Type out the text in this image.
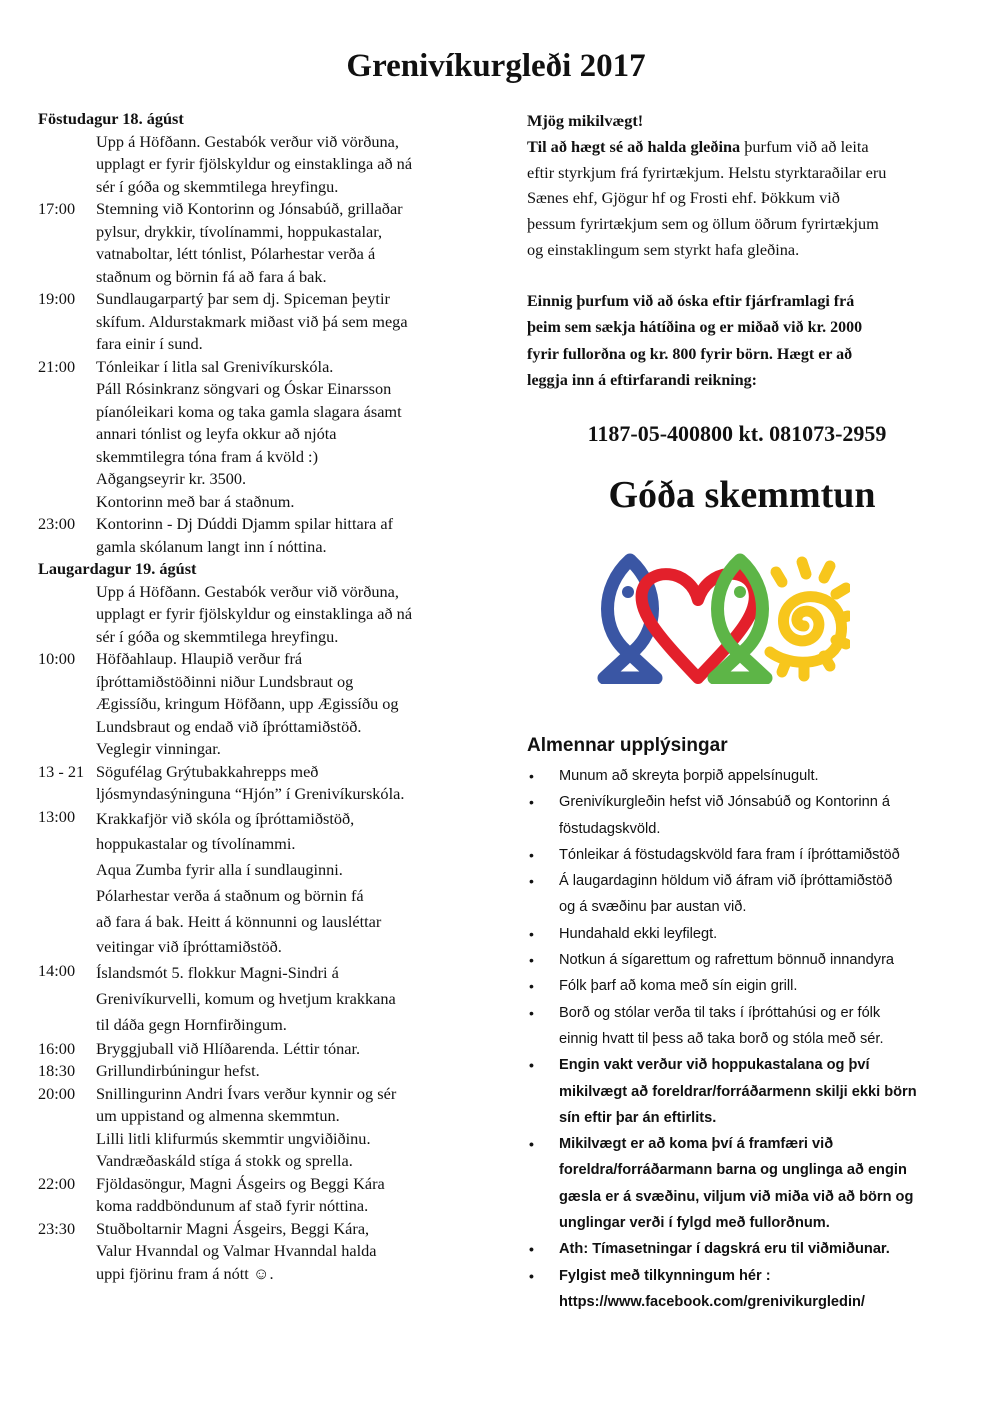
Grenivíkurgleði 2017
Föstudagur 18. ágúst
Upp á Höfðann. Gestabók verður við vörðuna,
upplagt er fyrir fjölskyldur og einstaklinga að ná
sér í góða og skemmtilega hreyfingu.
17:00	Stemning við Kontorinn og Jónsabúð, grillaðar
pylsur, drykkir, tívolínammi, hoppukastalar,
vatnaboltar, létt tónlist, Pólarhestar verða á
staðnum og börnin fá að fara á bak.
19:00	Sundlaugarpartý þar sem dj. Spiceman þeytir
skífum. Aldurstakmark miðast við þá sem mega
fara einir í sund.
21:00	Tónleikar í litla sal Grenivíkurskóla.
Páll Rósinkranz söngvari og Óskar Einarsson
píanóleikari koma og taka gamla slagara ásamt
annari tónlist og leyfa okkur að njóta
skemmtilegra tóna fram á kvöld :)
Aðgangseyrir kr. 3500.
Kontorinn með bar á staðnum.
23:00	Kontorinn - Dj Dúddi Djamm spilar hittara af
gamla skólanum langt inn í nóttina.
Laugardagur 19. ágúst
Upp á Höfðann. Gestabók verður við vörðuna,
upplagt er fyrir fjölskyldur og einstaklinga að ná
sér í góða og skemmtilega hreyfingu.
10:00	Höfðahlaup. Hlaupið verður frá
íþróttamiðstöðinni niður Lundsbraut og
Ægissíðu, kringum Höfðann, upp Ægissíðu og
Lundsbraut og endað við íþróttamiðstöð.
Veglegir vinningar.
13 - 21 Sögufélag Grýtubakkahrepps með
ljósmyndasýninguna “Hjón” í Grenivíkurskóla.
13:00	Krakkafjör við skóla og íþróttamiðstöð,
hoppukastalar og tívolínammi.
Aqua Zumba fyrir alla í sundlauginni.
Pólarhestar verða á staðnum og börnin fá
að fara á bak. Heitt á könnunni og lausléttar
veitingar við íþróttamiðstöð.
14:00	Íslandsmót 5. flokkur Magni-Sindri á
Grenivíkurvelli, komum og hvetjum krakkana
til dáða gegn Hornfirðingum.
16:00	Bryggjuball við Hlíðarenda. Léttir tónar.
18:30	Grillundirbúningur hefst.
20:00	Snillingurinn Andri Ívars verður kynnir og sér
um uppistand og almenna skemmtun.
Lilli litli klifurmús skemmtir ungviðiðinu.
Vandræðaskáld stíga á stokk og sprella.
22:00	Fjöldasöngur, Magni Ásgeirs og Beggi Kára
koma raddböndunum af stað fyrir nóttina.
23:30	Stuðboltarnir Magni Ásgeirs, Beggi Kára,
Valur Hvanndal og Valmar Hvanndal halda
uppi fjörinu fram á nótt ☺.
Mjög mikilvægt!
Til að hægt sé að halda gleðina þurfum við að leita
eftir styrkjum frá fyrirtækjum. Helstu styrktaraðilar eru
Sænes ehf, Gjögur hf og Frosti ehf. Þökkum við
þessum fyrirtækjum sem og öllum öðrum fyrirtækjum
og einstaklingum sem styrkt hafa gleðina.
Einnig þurfum við að óska eftir fjárframlagi frá
þeim sem sækja hátíðina og er miðað við kr. 2000
fyrir fullorðna og kr. 800 fyrir börn. Hægt er að
leggja inn á eftirfarandi reikning:
1187-05-400800 kt. 081073-2959
Góða skemmtun
Almennar upplýsingar
•	Munum að skreyta þorpið appelsínugult.
•	Grenivíkurgleðin hefst við Jónsabúð og Kontorinn á
föstudagskvöld.
•	Tónleikar á föstudagskvöld fara fram í íþróttamiðstöð
•	Á laugardaginn höldum við áfram við íþróttamiðstöð
og á svæðinu þar austan við.
•	Hundahald ekki leyfilegt.
•	Notkun á sígarettum og rafrettum bönnuð innandyra
•	Fólk þarf að koma með sín eigin grill.
•	Borð og stólar verða til taks í íþróttahúsi og er fólk
einnig hvatt til þess að taka borð og stóla með sér.
•	Engin vakt verður við hoppukastalana og því
mikilvægt að foreldrar/forráðarmenn skilji ekki börn
sín eftir þar án eftirlits.
•	Mikilvægt er að koma því á framfæri við
foreldra/forráðarmann barna og unglinga að engin
gæsla er á svæðinu, viljum við miða við að börn og
unglingar verði í fylgd með fullorðnum.
•	Ath: Tímasetningar í dagskrá eru til viðmiðunar.
•	Fylgist með tilkynningum hér :
https://www.facebook.com/grenivikurgledin/
